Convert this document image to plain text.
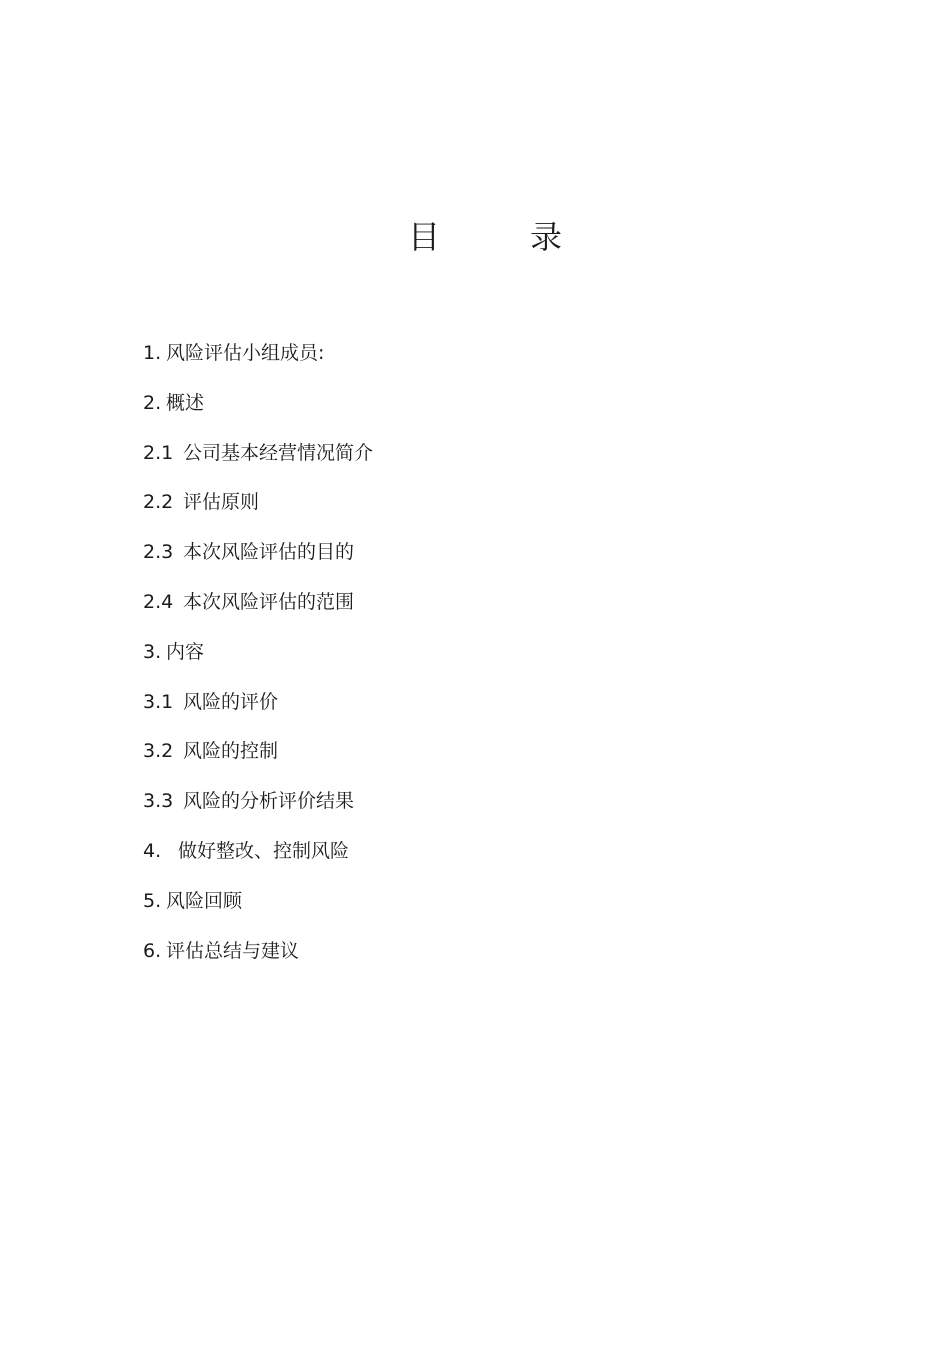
目	录
1. 风险评估小组成员:
2. 概述
2.1 公司基本经营情况简介
2.2 评估原则
2.3 本次风险评估的目的
2.4 本次风险评估的范围
3. 内容
3.1 风险的评价
3.2 风险的控制
3.3 风险的分析评价结果
4. 做好整改、控制风险
5. 风险回顾
6. 评估总结与建议
